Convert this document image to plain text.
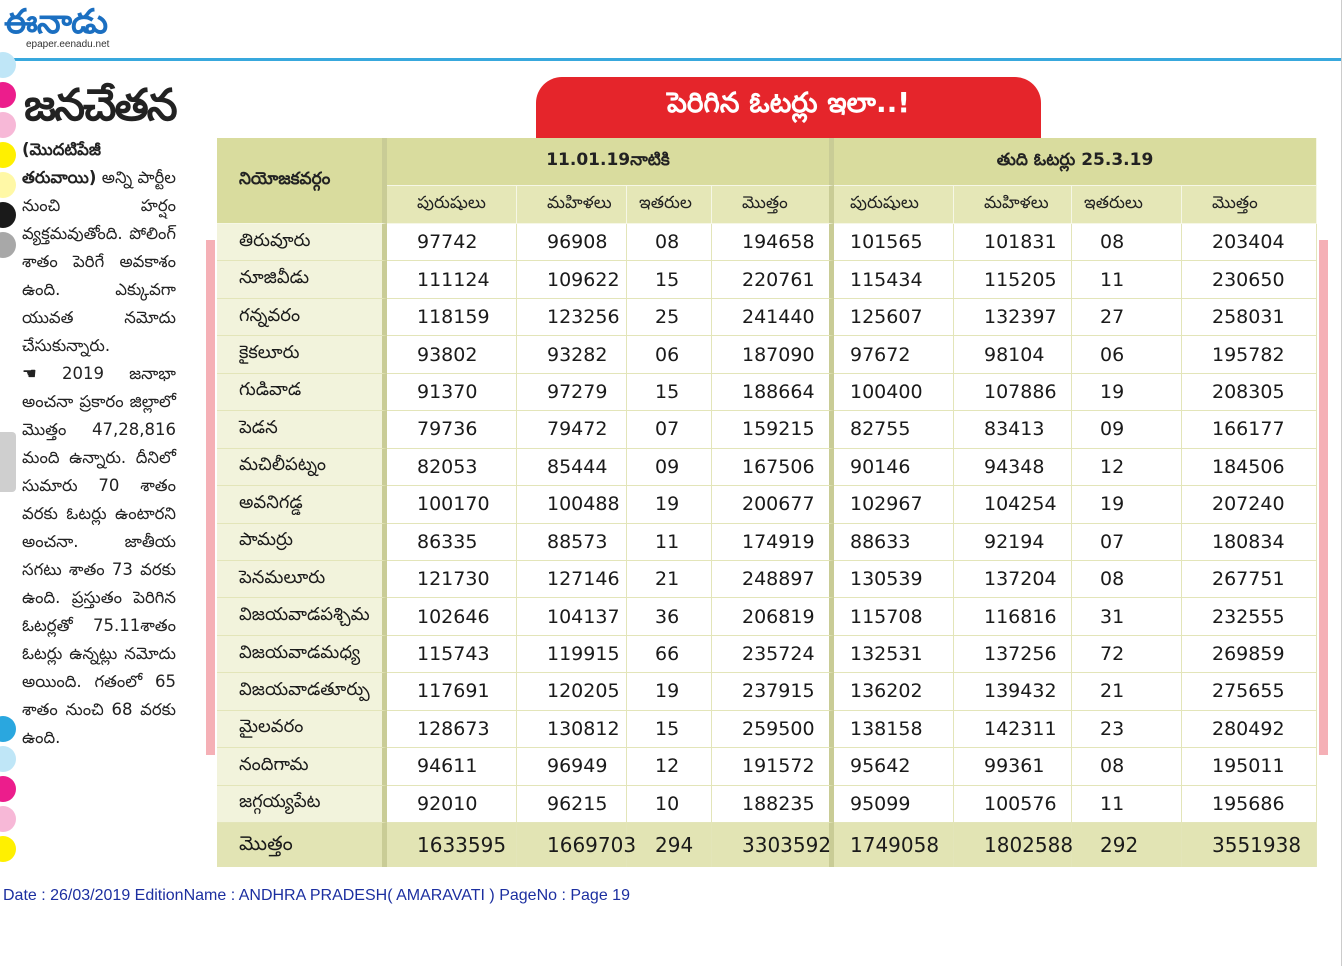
ఈనాడు
epaper.eenadu.net
జనచేతన

(మొదటిపేజీ తరువాయి) అన్ని పార్టీల నుంచి హర్షం వ్యక్తమవుతోంది. పోలింగ్ శాతం పెరిగే అవకాశం ఉంది. ఎక్కువగా యువత నమోదు చేసుకున్నారు.

☚ 2019 జనాభా అంచనా ప్రకారం జిల్లాలో మొత్తం 47,28,816 మంది ఉన్నారు. దీనిలో సుమారు 70 శాతం వరకు ఓటర్లు ఉంటారని అంచనా. జాతీయ సగటు శాతం 73 వరకు ఉంది. ప్రస్తుతం పెరిగిన ఓటర్లతో 75.11శాతం ఓటర్లు ఉన్నట్లు నమోదు అయింది. గతంలో 65 శాతం నుంచి 68 వరకు ఉంది.

పెరిగిన ఓటర్లు ఇలా..!
నియోజకవర్గం	11.01.19నాటికి				తుది ఓటర్లు 25.3.19			
	పురుషులు	మహిళలు	ఇతరుల	మొత్తం	పురుషులు	మహిళలు	ఇతరులు	మొత్తం
తిరువూరు	97742	96908	08	194658	101565	101831	08	203404
నూజివీడు	111124	109622	15	220761	115434	115205	11	230650
గన్నవరం	118159	123256	25	241440	125607	132397	27	258031
కైకలూరు	93802	93282	06	187090	97672	98104	06	195782
గుడివాడ	91370	97279	15	188664	100400	107886	19	208305
పెడన	79736	79472	07	159215	82755	83413	09	166177
మచిలీపట్నం	82053	85444	09	167506	90146	94348	12	184506
అవనిగడ్డ	100170	100488	19	200677	102967	104254	19	207240
పామర్రు	86335	88573	11	174919	88633	92194	07	180834
పెనమలూరు	121730	127146	21	248897	130539	137204	08	267751
విజయవాడపశ్చిమ	102646	104137	36	206819	115708	116816	31	232555
విజయవాడమధ్య	115743	119915	66	235724	132531	137256	72	269859
విజయవాడతూర్పు	117691	120205	19	237915	136202	139432	21	275655
మైలవరం	128673	130812	15	259500	138158	142311	23	280492
నందిగామ	94611	96949	12	191572	95642	99361	08	195011
జగ్గయ్యపేట	92010	96215	10	188235	95099	100576	11	195686
మొత్తం	1633595	1669703	294	3303592	1749058	1802588	292	3551938
Date : 26/03/2019 EditionName : ANDHRA PRADESH( AMARAVATI ) PageNo : Page 19
